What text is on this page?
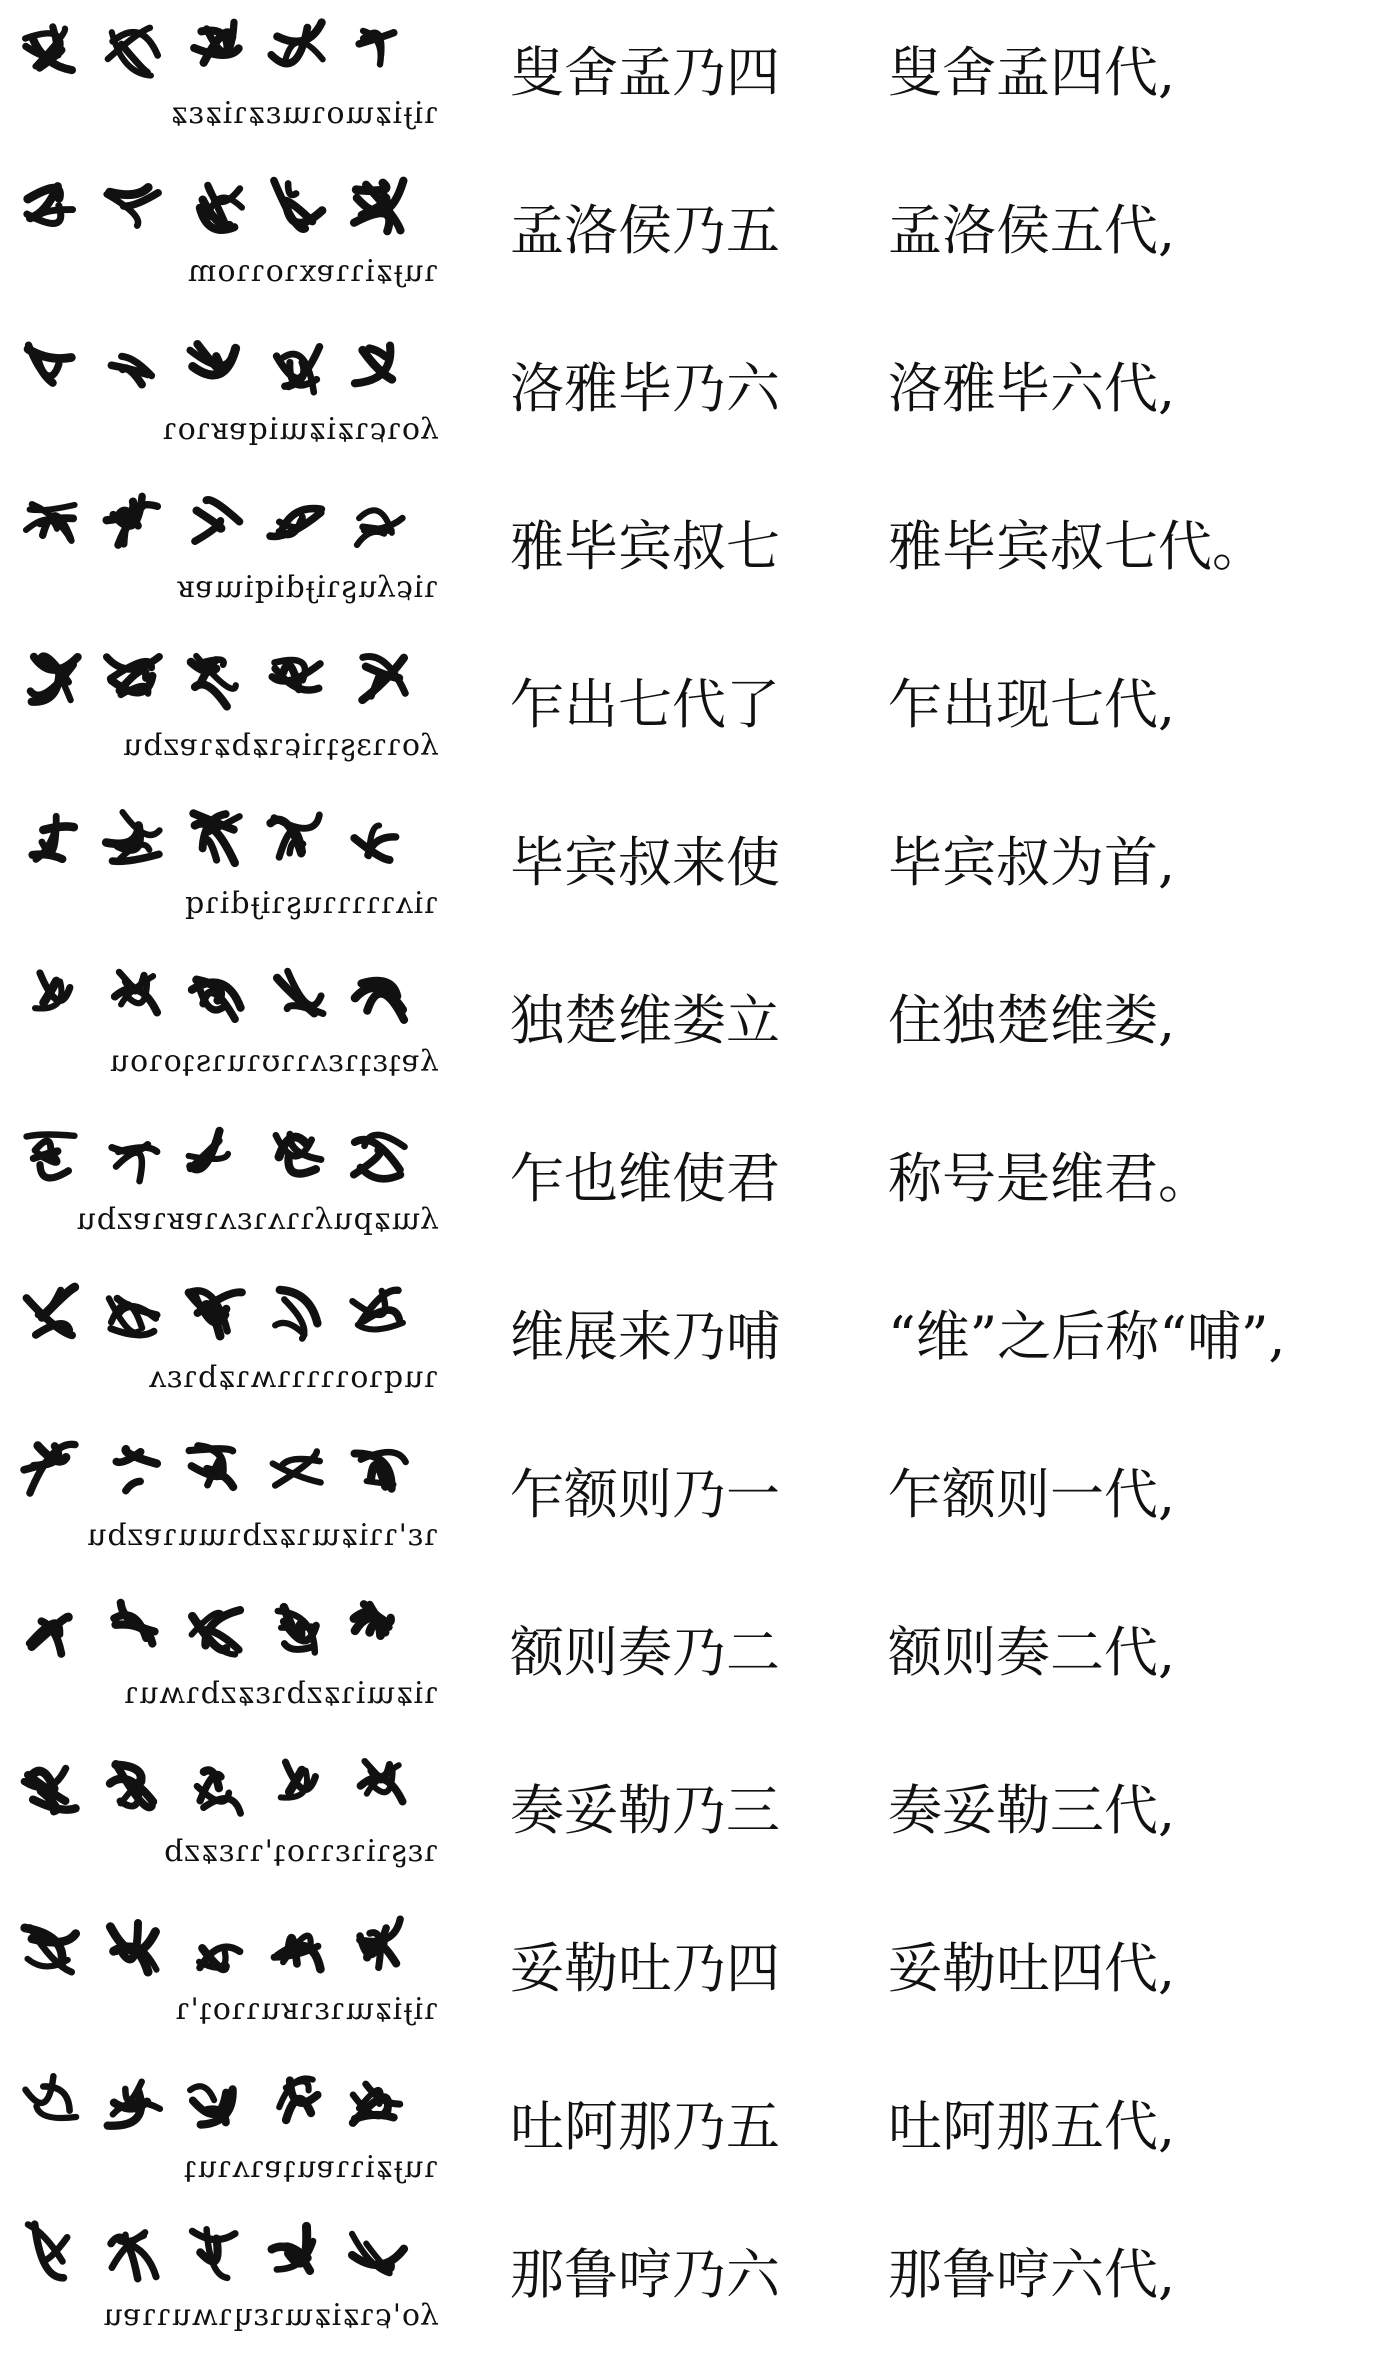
ɿiɟiʑɯoɿɯɛʑɿiʑɛʑ
叟舍孟乃四 叟舍孟四代,
ɿuɟʑiɿɿɐxɿoɿɿom
孟洛侯乃五 孟洛侯五代,
ʎoɿɕɿʑiʑɯiqɐʁɿoɿ
洛雅毕乃六 洛雅毕六代,
ɿiɕʎuʂɿiɟdiqiɯɐʁ
雅毕宾叔七 雅毕宾叔七代。
ʎoɿɿɜʂʇɿiɕɿʑbʑɿɐzbu
乍出七代了 乍出现七代,
ɿiʌɿɿɿɿɿuʂɿiɟdiɿq
毕宾叔来使 毕宾叔为首,
ʎɐʇɛʇɿɛʌɿɿʊɿuɿsʇoɿou
独楚维娄立 住独楚维娄,
ʎɯʑpuʎɿɿʌɿɛʌɿɐʁɿɐzbu
乍也维使君 称号是维君。
ɿuqɿoɿɿɿɿɿʍɿʑbɿɛʌ
维展来乃哺 “维”之后称“哺”,
ɿɛ'ɿɿiʑɯɿʑzbɿɯuɿɐzbu
乍额则乃一 乍额则一代,
ɿiʑɯiɿʑzbɿɛʑzbɿʍuɿ
额则奏乃二 额则奏二代,
ɿɛʂɿiɿɛɿɿoʇ'ɿɿɛʑzb
奏妥勒乃三 奏妥勒三代,
ɿiɟiʑɯɿɛɿʁuɿɿoʇ'ɿ
妥勒吐乃四 妥勒吐四代,
ɿuɟʑiɿɿɐuʇɐɿʌɿuʇ
吐阿那乃五 吐阿那五代,
ʎo'ɕɿʑiʑɯɿɛɥɿʍuɿɿɐu
那鲁哼乃六 那鲁哼六代,
